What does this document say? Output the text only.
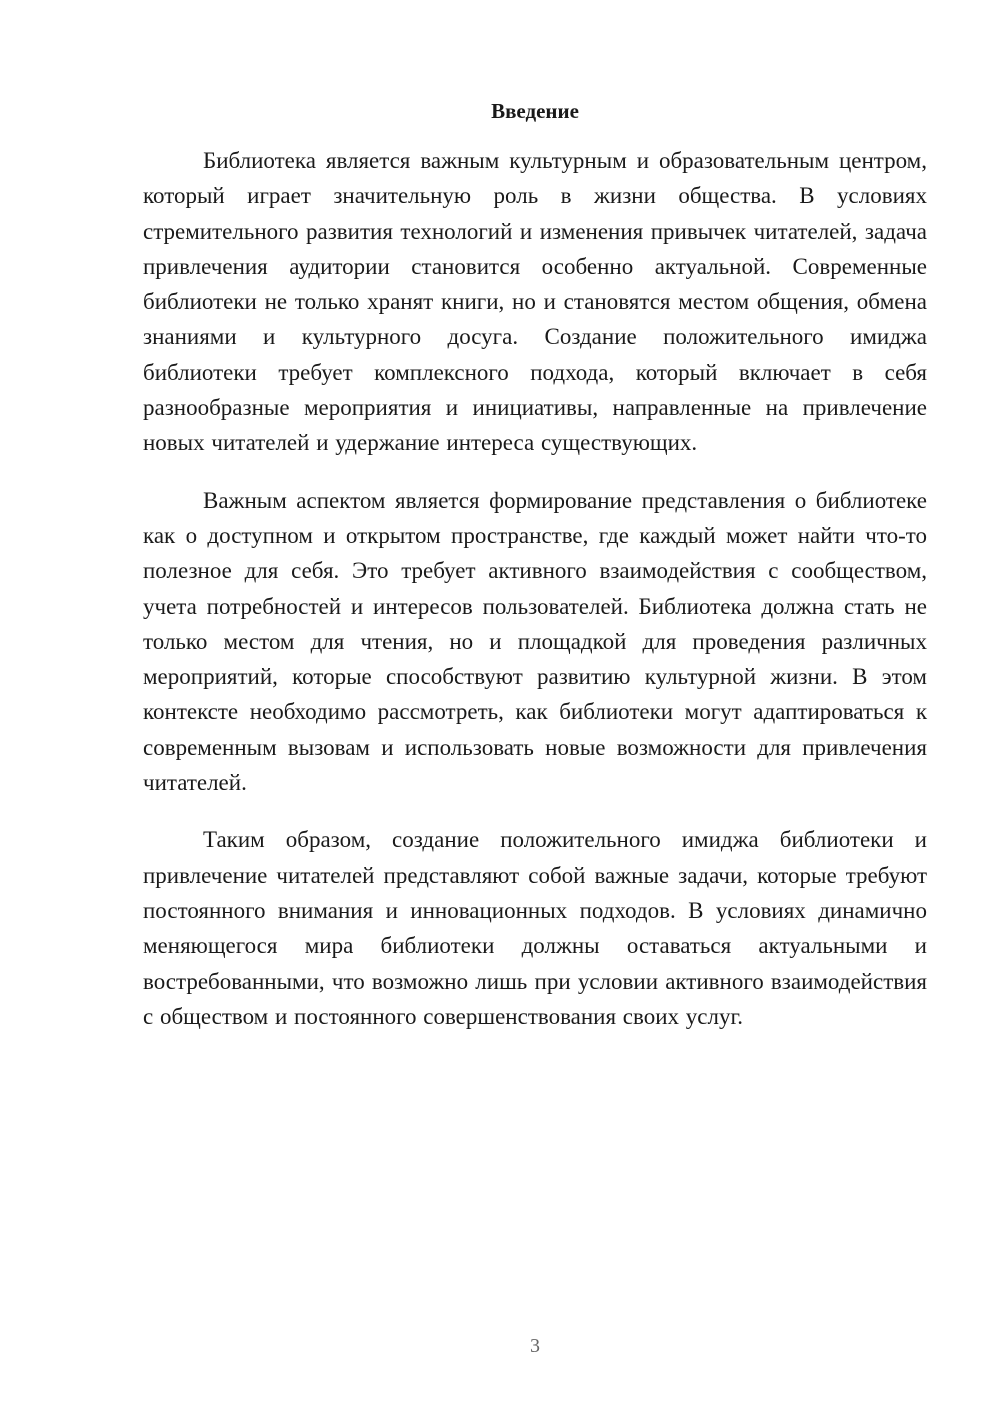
Введение

Библиотека является важным культурным и образовательным центром, который играет значительную роль в жизни общества. В условиях стремительного развития технологий и изменения привычек читателей, задача привлечения аудитории становится особенно актуальной. Современные библиотеки не только хранят книги, но и становятся местом общения, обмена знаниями и культурного досуга. Создание положительного имиджа библиотеки требует комплексного подхода, который включает в себя разнообразные мероприятия и инициативы, направленные на привлечение новых читателей и удержание интереса существующих.

Важным аспектом является формирование представления о библиотеке как о доступном и открытом пространстве, где каждый может найти что-то полезное для себя. Это требует активного взаимодействия с сообществом, учета потребностей и интересов пользователей. Библиотека должна стать не только местом для чтения, но и площадкой для проведения различных мероприятий, которые способствуют развитию культурной жизни. В этом контексте необходимо рассмотреть, как библиотеки могут адаптироваться к современным вызовам и использовать новые возможности для привлечения читателей.

Таким образом, создание положительного имиджа библиотеки и привлечение читателей представляют собой важные задачи, которые требуют постоянного внимания и инновационных подходов. В условиях динамично меняющегося мира библиотеки должны оставаться актуальными и востребованными, что возможно лишь при условии активного взаимодействия с обществом и постоянного совершенствования своих услуг.

3
